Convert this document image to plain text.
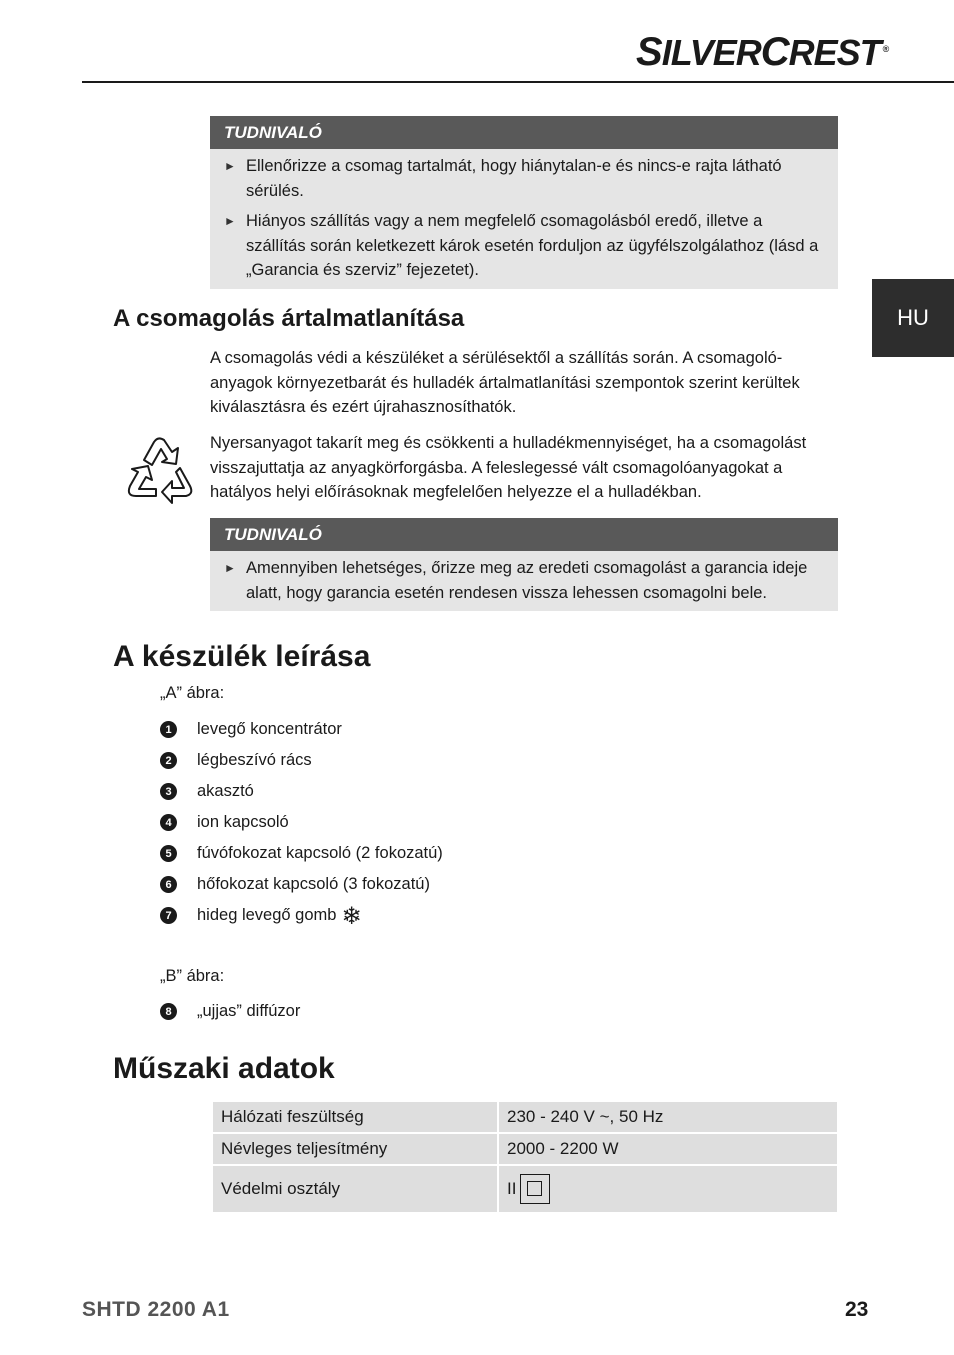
SILVERCREST ®
HU
TUDNIVALÓ
► Ellenőrizze a csomag tartalmát, hogy hiánytalan-e és nincs-e rajta látható sérülés.
► Hiányos szállítás vagy a nem megfelelő csomagolásból eredő, illetve a szállítás során keletkezett károk esetén forduljon az ügyfélszolgálathoz (lásd a „Garancia és szerviz” fejezetet).
A csomagolás ártalmatlanítása

A csomagolás védi a készüléket a sérülésektől a szállítás során. A csomagoló-anyagok környezetbarát és hulladék ártalmatlanítási szempontok szerint kerültek kiválasztásra és ezért újrahasznosíthatók.

Nyersanyagot takarít meg és csökkenti a hulladékmennyiséget, ha a csomagolást visszajuttatja az anyagkörforgásba. A feleslegessé vált csomagolóanyagokat a hatályos helyi előírásoknak megfelelően helyezze el a hulladékban.

TUDNIVALÓ
► Amennyiben lehetséges, őrizze meg az eredeti csomagolást a garancia ideje alatt, hogy garancia esetén rendesen vissza lehessen csomagolni bele.
A készülék leírása
„A” ábra:
1	levegő koncentrátor
2	légbeszívó rács
3	akasztó
4	ion kapcsoló
5	fúvófokozat kapcsoló (2 fokozatú)
6	hőfokozat kapcsoló (3 fokozatú)
7	hideg levegő gomb ❄
„B” ábra:
8	„ujjas” diffúzor
Műszaki adatok
Hálózati feszültség	230 - 240 V ~, 50 Hz
Névleges teljesítmény	2000 - 2200 W
Védelmi osztály	II
SHTD 2200 A1	23
